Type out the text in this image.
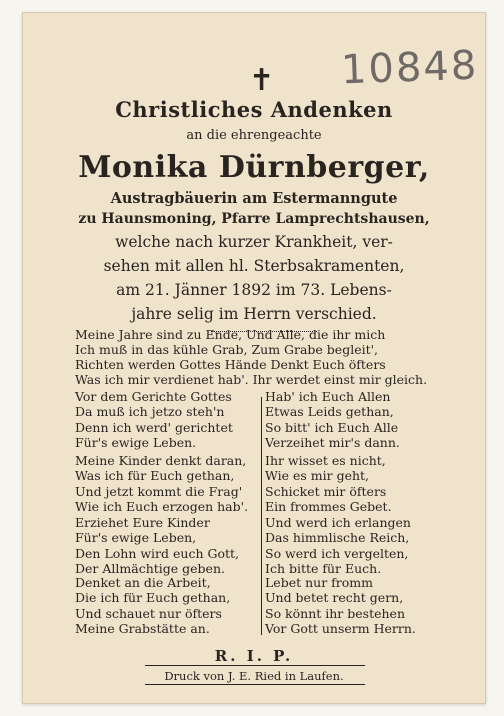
10848
✝
Christliches Andenken
an die ehrengeachte
Monika Dürnberger,
Austragbäuerin am Estermanngute
zu Haunsmoning, Pfarre Lamprechtshausen,
welche nach kurzer Krankheit, ver-
sehen mit allen hl. Sterbsakramenten,
am 21. Jänner 1892 im 73. Lebens-
jahre selig im Herrn verschied.
Meine Jahre sind zu Ende, Und Alle, die ihr mich
Ich muß in das kühle Grab, Zum Grabe begleit',
Richten werden Gottes Hände Denkt Euch öfters
Was ich mir verdienet hab'. Ihr werdet einst mir gleich.
Vor dem Gerichte Gottes
Da muß ich jetzo steh'n
Denn ich werd' gerichtet
Für's ewige Leben.
Meine Kinder denkt daran,
Was ich für Euch gethan,
Und jetzt kommt die Frag'
Wie ich Euch erzogen hab'.
Erziehet Eure Kinder
Für's ewige Leben,
Den Lohn wird euch Gott,
Der Allmächtige geben.
Denket an die Arbeit,
Die ich für Euch gethan,
Und schauet nur öfters
Meine Grabstätte an.
Hab' ich Euch Allen
Etwas Leids gethan,
So bitt' ich Euch Alle
Verzeihet mir's dann.
Ihr wisset es nicht,
Wie es mir geht,
Schicket mir öfters
Ein frommes Gebet.
Und werd ich erlangen
Das himmlische Reich,
So werd ich vergelten,
Ich bitte für Euch.
Lebet nur fromm
Und betet recht gern,
So könnt ihr bestehen
Vor Gott unserm Herrn.
R. I. P.
Druck von J. E. Ried in Laufen.
